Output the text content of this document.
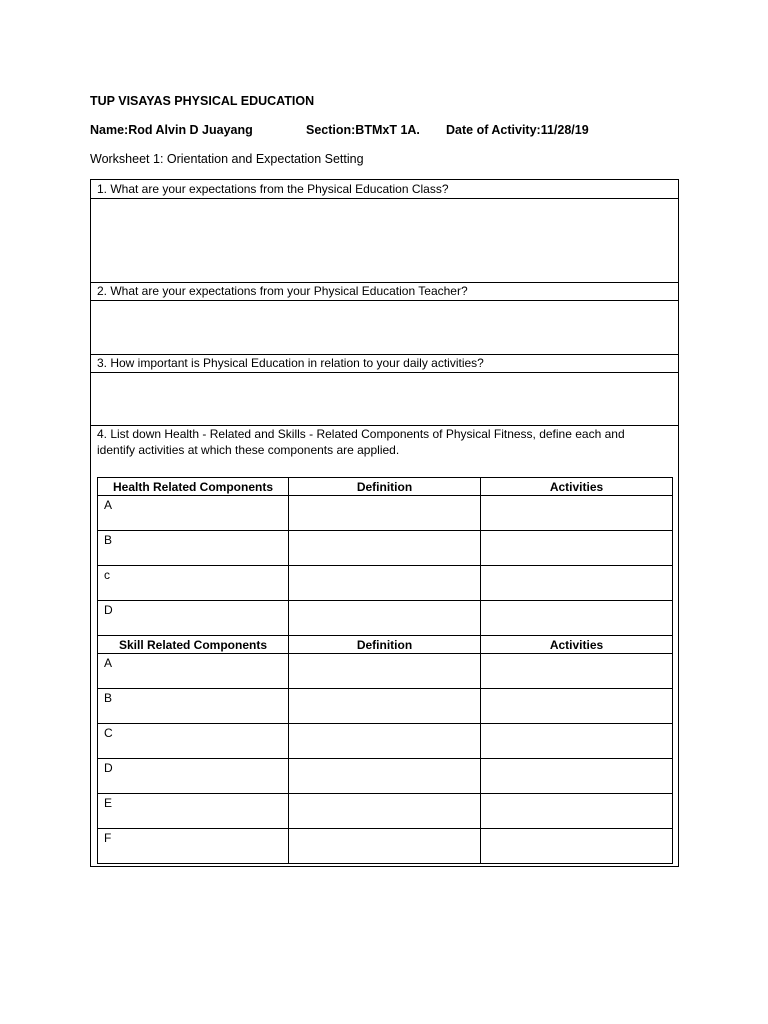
TUP VISAYAS PHYSICAL EDUCATION
Name:Rod Alvin D Juayang	Section:BTMxT 1A. Date of Activity:11/28/19
Worksheet 1: Orientation and Expectation Setting
1. What are your expectations from the Physical Education Class?
2. What are your expectations from your Physical Education Teacher?
3. How important is Physical Education in relation to your daily activities?
4. List down Health - Related and Skills - Related Components of Physical Fitness, define each and
identify activities at which these components are applied.
Health Related Components	Definition	Activities
A		
B		
c		
D		
Skill Related Components	Definition	Activities
A		
B		
C		
D		
E		
F		
